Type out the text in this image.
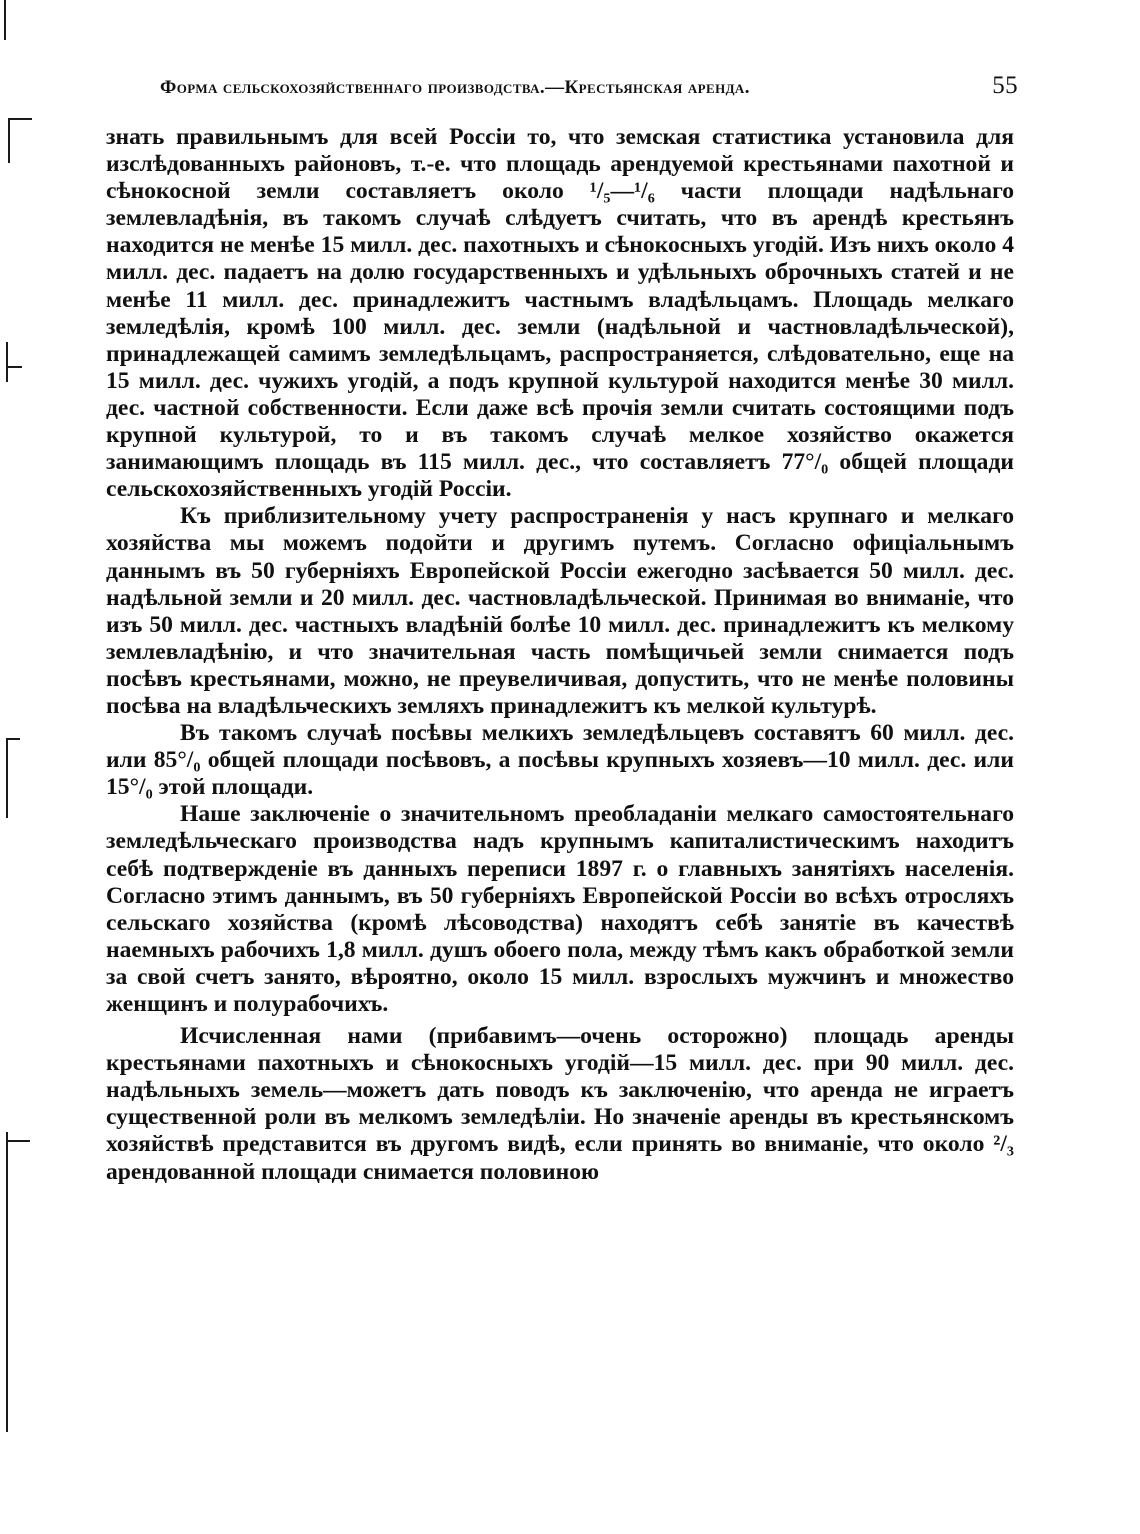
Форма сельскохозяйственнаго производства.—Крестьянская аренда.	55

знать правильнымъ для всей Россіи то, что земская статистика установила для изслѣдованныхъ районовъ, т.-е. что площадь арендуемой крестьянами пахотной и сѣнокосной земли составляетъ около ¹/₅—¹/₆ части площади надѣльнаго землевладѣнія, въ такомъ случаѣ слѣдуетъ считать, что въ арендѣ крестьянъ находится не менѣе 15 милл. дес. пахотныхъ и сѣнокосныхъ угодій. Изъ нихъ около 4 милл. дес. падаетъ на долю государственныхъ и удѣльныхъ оброчныхъ статей и не менѣе 11 милл. дес. принадлежитъ частнымъ владѣльцамъ. Площадь мелкаго земледѣлія, кромѣ 100 милл. дес. земли (надѣльной и частновладѣльческой), принадлежащей самимъ земледѣльцамъ, распространяется, слѣдовательно, еще на 15 милл. дес. чужихъ угодій, а подъ крупной культурой находится менѣе 30 милл. дес. частной собственности. Если даже всѣ прочія земли считать состоящими подъ крупной культурой, то и въ такомъ случаѣ мелкое хозяйство окажется занимающимъ площадь въ 115 милл. дес., что составляетъ 77°/₀ общей площади сельскохозяйственныхъ угодій Россіи.

Къ приблизительному учету распространенія у насъ крупнаго и мелкаго хозяйства мы можемъ подойти и другимъ путемъ. Согласно офиціальнымъ даннымъ въ 50 губерніяхъ Европейской Россіи ежегодно засѣвается 50 милл. дес. надѣльной земли и 20 милл. дес. частновладѣльческой. Принимая во вниманіе, что изъ 50 милл. дес. частныхъ владѣній болѣе 10 милл. дес. принадлежитъ къ мелкому землевладѣнію, и что значительная часть помѣщичьей земли снимается подъ посѣвъ крестьянами, можно, не преувеличивая, допустить, что не менѣе половины посѣва на владѣльческихъ земляхъ принадлежитъ къ мелкой культурѣ.

Въ такомъ случаѣ посѣвы мелкихъ земледѣльцевъ составятъ 60 милл. дес. или 85°/₀ общей площади посѣвовъ, а посѣвы крупныхъ хозяевъ—10 милл. дес. или 15°/₀ этой площади.

Наше заключеніе о значительномъ преобладаніи мелкаго самостоятельнаго земледѣльческаго производства надъ крупнымъ капиталистическимъ находитъ себѣ подтвержденіе въ данныхъ переписи 1897 г. о главныхъ занятіяхъ населенія. Согласно этимъ даннымъ, въ 50 губерніяхъ Европейской Россіи во всѣхъ отросляхъ сельскаго хозяйства (кромѣ лѣсоводства) находятъ себѣ занятіе въ качествѣ наемныхъ рабочихъ 1,8 милл. душъ обоего пола, между тѣмъ какъ обработкой земли за свой счетъ занято, вѣроятно, около 15 милл. взрослыхъ мужчинъ и множество женщинъ и полурабочихъ.

Исчисленная нами (прибавимъ—очень осторожно) площадь аренды крестьянами пахотныхъ и сѣнокосныхъ угодій—15 милл. дес. при 90 милл. дес. надѣльныхъ земель—можетъ дать поводъ къ заключенію, что аренда не играетъ существенной роли въ мелкомъ земледѣліи. Но значеніе аренды въ крестьянскомъ хозяйствѣ представится въ другомъ видѣ, если принять во вниманіе, что около ²/₃ арендованной площади снимается половиною
